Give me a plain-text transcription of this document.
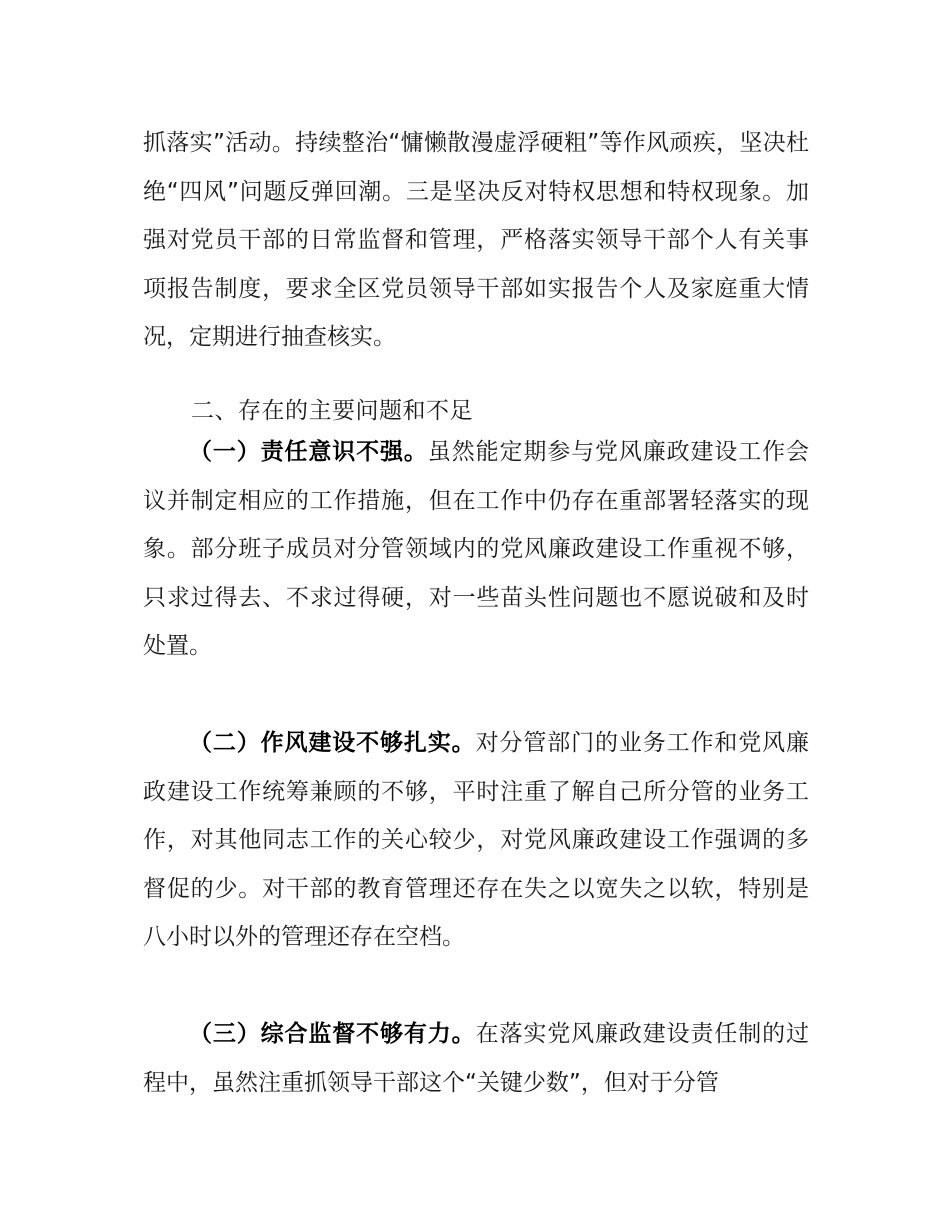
抓落实”活动。持续整治“慵懒散漫虚浮硬粗”等作风顽疾，坚决杜绝“四风”问题反弹回潮。三是坚决反对特权思想和特权现象。加强对党员干部的日常监督和管理，严格落实领导干部个人有关事项报告制度，要求全区党员领导干部如实报告个人及家庭重大情况，定期进行抽查核实。

二、存在的主要问题和不足

（一）责任意识不强。虽然能定期参与党风廉政建设工作会议并制定相应的工作措施，但在工作中仍存在重部署轻落实的现象。部分班子成员对分管领域内的党风廉政建设工作重视不够，只求过得去、不求过得硬，对一些苗头性问题也不愿说破和及时处置。

（二）作风建设不够扎实。对分管部门的业务工作和党风廉政建设工作统筹兼顾的不够，平时注重了解自己所分管的业务工作，对其他同志工作的关心较少，对党风廉政建设工作强调的多督促的少。对干部的教育管理还存在失之以宽失之以软，特别是八小时以外的管理还存在空档。

（三）综合监督不够有力。在落实党风廉政建设责任制的过程中，虽然注重抓领导干部这个“关键少数”，但对于分管
